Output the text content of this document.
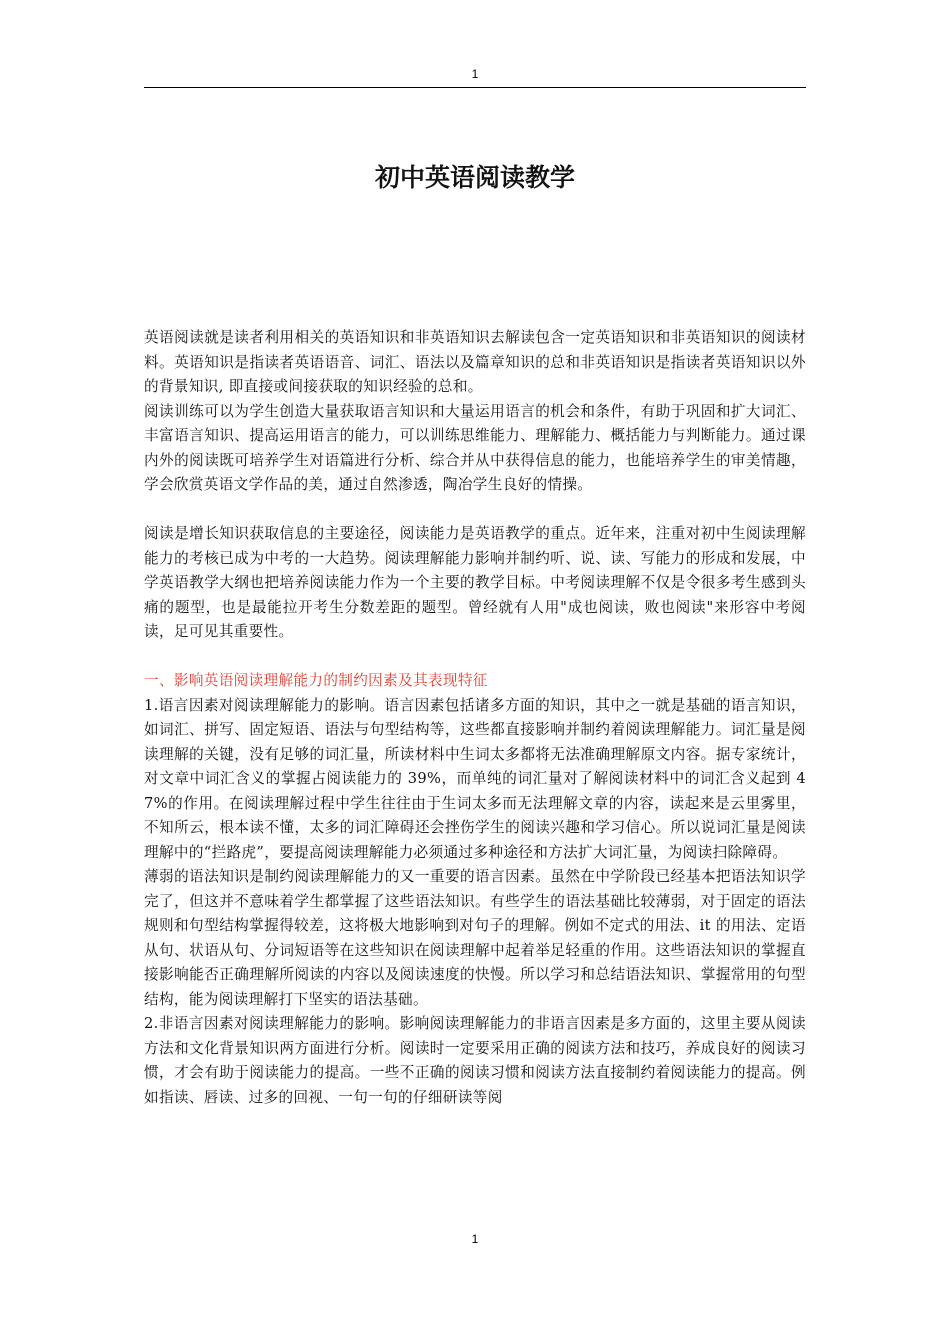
1
初中英语阅读教学

英语阅读就是读者利用相关的英语知识和非英语知识去解读包含一定英语知识和非英语知识的阅读材料。英语知识是指读者英语语音、词汇、语法以及篇章知识的总和非英语知识是指读者英语知识以外的背景知识, 即直接或间接获取的知识经验的总和。

阅读训练可以为学生创造大量获取语言知识和大量运用语言的机会和条件，有助于巩固和扩大词汇、丰富语言知识、提高运用语言的能力，可以训练思维能力、理解能力、概括能力与判断能力。通过课内外的阅读既可培养学生对语篇进行分析、综合并从中获得信息的能力，也能培养学生的审美情趣，学会欣赏英语文学作品的美，通过自然渗透，陶冶学生良好的情操。

阅读是增长知识获取信息的主要途径，阅读能力是英语教学的重点。近年来，注重对初中生阅读理解能力的考核已成为中考的一大趋势。阅读理解能力影响并制约听、说、读、写能力的形成和发展，中学英语教学大纲也把培养阅读能力作为一个主要的教学目标。中考阅读理解不仅是令很多考生感到头痛的题型，也是最能拉开考生分数差距的题型。曾经就有人用"成也阅读，败也阅读"来形容中考阅读，足可见其重要性。

一、影响英语阅读理解能力的制约因素及其表现特征

1.语言因素对阅读理解能力的影响。语言因素包括诸多方面的知识，其中之一就是基础的语言知识，如词汇、拼写、固定短语、语法与句型结构等，这些都直接影响并制约着阅读理解能力。词汇量是阅读理解的关键，没有足够的词汇量，所读材料中生词太多都将无法准确理解原文内容。据专家统计，对文章中词汇含义的掌握占阅读能力的 39%，而单纯的词汇量对了解阅读材料中的词汇含义起到 47%的作用。在阅读理解过程中学生往往由于生词太多而无法理解文章的内容，读起来是云里雾里，不知所云，根本读不懂，太多的词汇障碍还会挫伤学生的阅读兴趣和学习信心。所以说词汇量是阅读理解中的“拦路虎”，要提高阅读理解能力必须通过多种途径和方法扩大词汇量，为阅读扫除障碍。

薄弱的语法知识是制约阅读理解能力的又一重要的语言因素。虽然在中学阶段已经基本把语法知识学完了，但这并不意味着学生都掌握了这些语法知识。有些学生的语法基础比较薄弱，对于固定的语法规则和句型结构掌握得较差，这将极大地影响到对句子的理解。例如不定式的用法、it 的用法、定语从句、状语从句、分词短语等在这些知识在阅读理解中起着举足轻重的作用。这些语法知识的掌握直接影响能否正确理解所阅读的内容以及阅读速度的快慢。所以学习和总结语法知识、掌握常用的句型结构，能为阅读理解打下坚实的语法基础。

2.非语言因素对阅读理解能力的影响。影响阅读理解能力的非语言因素是多方面的，这里主要从阅读方法和文化背景知识两方面进行分析。阅读时一定要采用正确的阅读方法和技巧，养成良好的阅读习惯，才会有助于阅读能力的提高。一些不正确的阅读习惯和阅读方法直接制约着阅读能力的提高。例如指读、唇读、过多的回视、一句一句的仔细研读等阅

1
